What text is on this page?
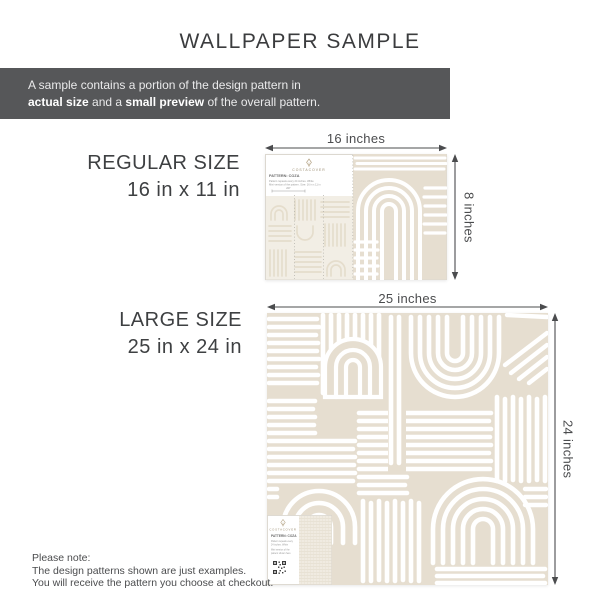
WALLPAPER SAMPLE
A sample contains a portion of the design pattern in
actual size and a small preview of the overall pattern.
REGULAR SIZE
16 in x 11 in
16 inches
8 inches
COSTACOVER
PATTERN: COZA
Pattern repeats every 24 inches. White
Mini version of the pattern. Size: 16 in x 11 in
24''
LARGE SIZE
25 in x 24 in
25 inches
24 inches
COSTACOVER
PATTERN: COZA
Pattern repeats every
24 inches. White
Mini version of the
pattern shown here
Please note:
The design patterns shown are just examples.
You will receive the pattern you choose at checkout.
